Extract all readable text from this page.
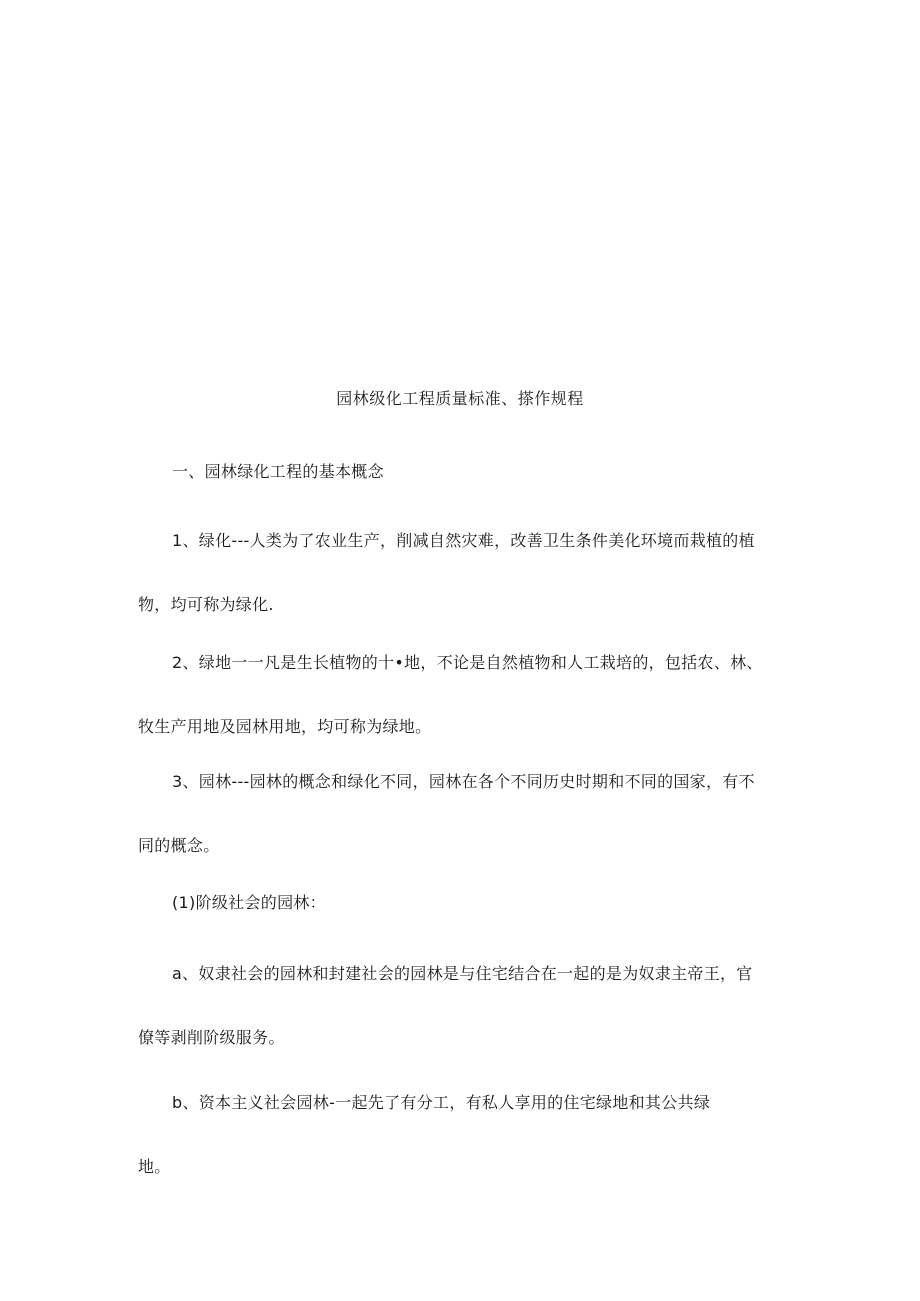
园林级化工程质量标准、搽作规程
一、园林绿化工程的基本概念
1、绿化---人类为了农业生产，削减自然灾难，改善卫生条件美化环境而栽植的植
物，均可称为绿化.
2、绿地一一凡是生长植物的十•地，不论是自然植物和人工栽培的，包括农、林、
牧生产用地及园林用地，均可称为绿地。
3、园林---园林的概念和绿化不同，园林在各个不同历史时期和不同的国家，有不
同的概念。
(1)阶级社会的园林：
a、奴隶社会的园林和封建社会的园林是与住宅结合在一起的是为奴隶主帝王，官
僚等剥削阶级服务。
b、资本主义社会园林-一起先了有分工，有私人享用的住宅绿地和其公共绿
地。
